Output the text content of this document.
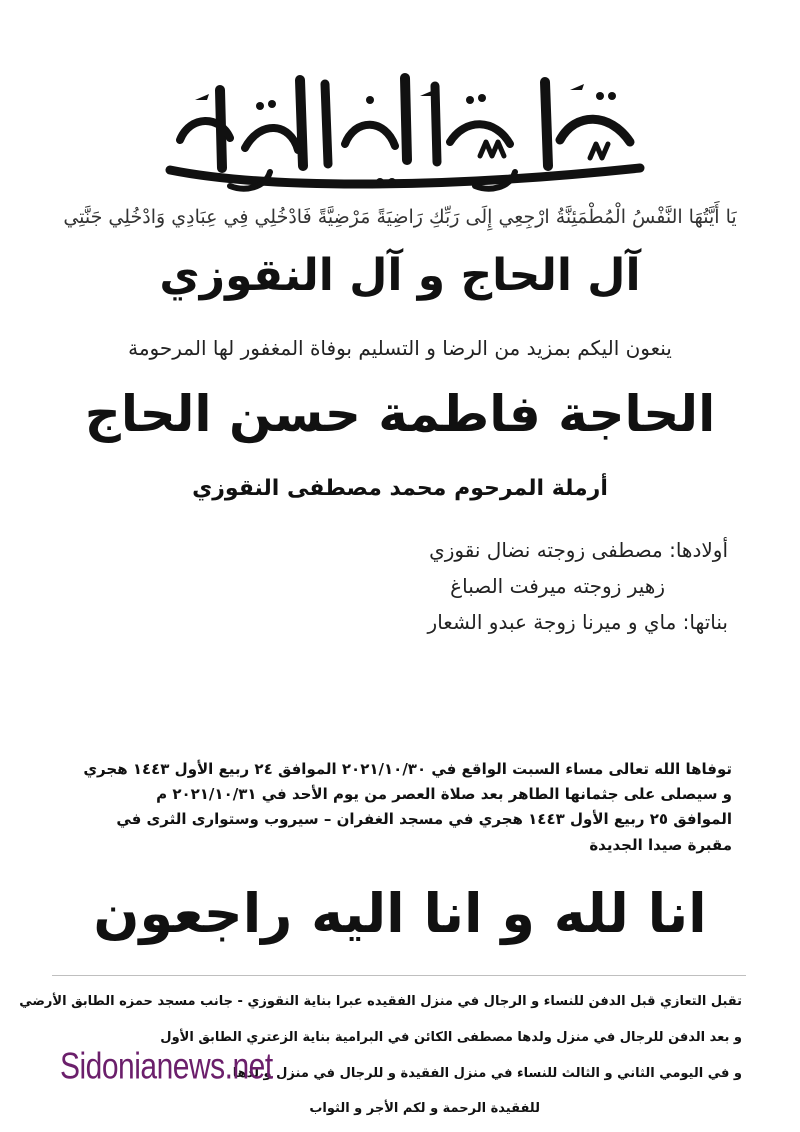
يَا أَيَّتُهَا النَّفْسُ الْمُطْمَئِنَّةُ ارْجِعِي إِلَى رَبِّكِ رَاضِيَةً مَرْضِيَّةً فَادْخُلِي فِي عِبَادِي وَادْخُلِي جَنَّتِي
آل الحاج و آل النقوزي
ينعون اليكم بمزيد من الرضا و التسليم بوفاة المغفور لها المرحومة
الحاجة فاطمة حسن الحاج
أرملة المرحوم محمد مصطفى النقوزي
أولادها: مصطفى زوجته نضال نقوزي
زهير زوجته ميرفت الصباغ
بناتها: ماي و ميرنا زوجة عبدو الشعار
توفاها الله تعالى مساء السبت الواقع في ٢٠٢١/١٠/٣٠ الموافق ٢٤ ربيع الأول ١٤٤٣ هجري
و سيصلى على جثمانها الطاهر بعد صلاة العصر من يوم الأحد في ٢٠٢١/١٠/٣١ م
الموافق ٢٥ ربيع الأول ١٤٤٣ هجري في مسجد الغفران – سيروب وستوارى الثرى في
مقبرة صيدا الجديدة
انا لله و انا اليه راجعون
تقبل التعازي قبل الدفن للنساء و الرجال في منزل الفقيده عبرا بناية النقوزي - جانب مسجد حمزه الطابق الأرضي
و بعد الدفن للرجال في منزل ولدها مصطفى الكائن في البرامية بناية الزعتري الطابق الأول
و في اليومي الثاني و الثالث للنساء في منزل الفقيدة و للرجال في منزل و لدها
للفقيدة الرحمة و لكم الأجر و الثواب
Sidonianews.net
